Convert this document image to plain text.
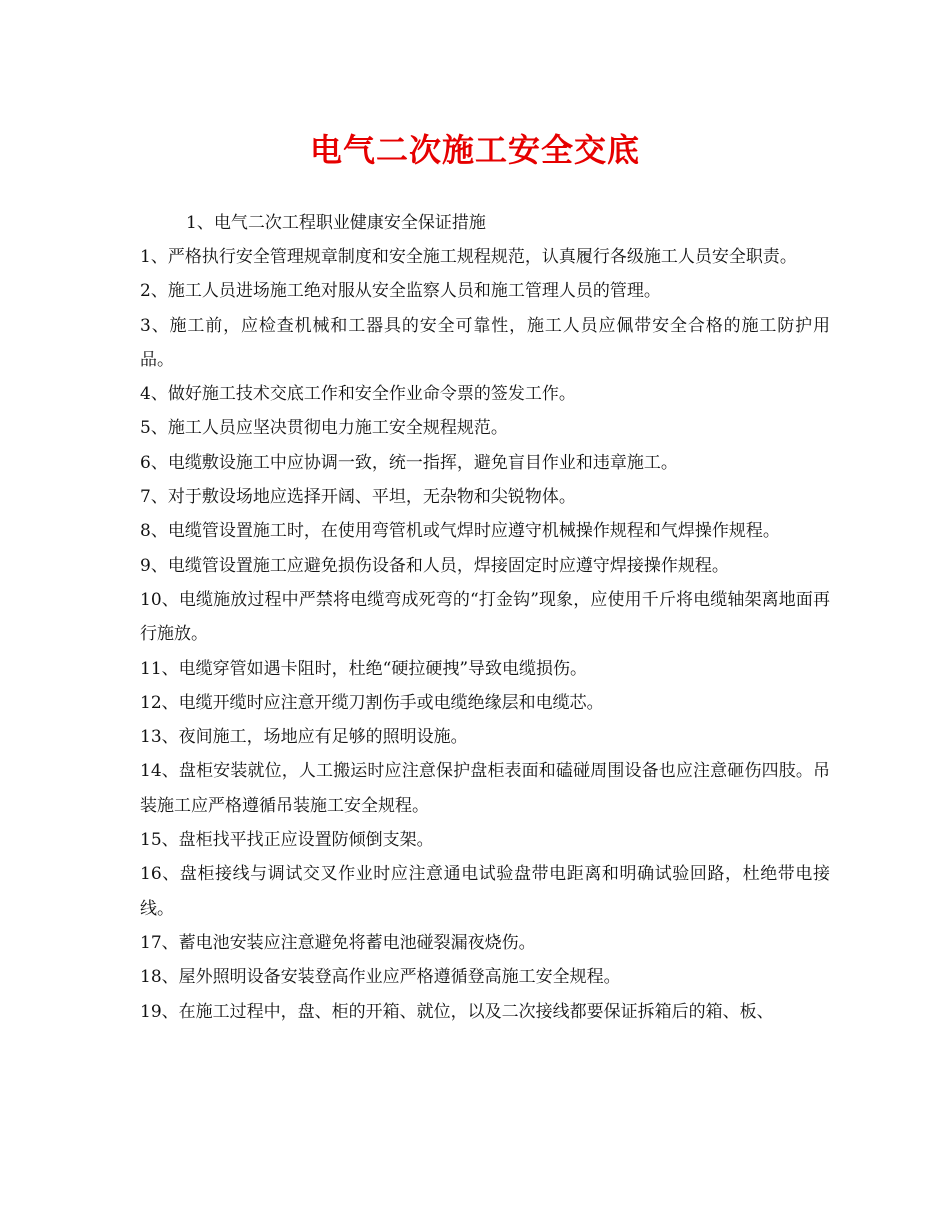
电气二次施工安全交底

1、电气二次工程职业健康安全保证措施

1、严格执行安全管理规章制度和安全施工规程规范，认真履行各级施工人员安全职责。

2、施工人员进场施工绝对服从安全监察人员和施工管理人员的管理。

3、施工前，应检查机械和工器具的安全可靠性，施工人员应佩带安全合格的施工防护用品。

4、做好施工技术交底工作和安全作业命令票的签发工作。

5、施工人员应坚决贯彻电力施工安全规程规范。

6、电缆敷设施工中应协调一致，统一指挥，避免盲目作业和违章施工。

7、对于敷设场地应选择开阔、平坦，无杂物和尖锐物体。

8、电缆管设置施工时，在使用弯管机或气焊时应遵守机械操作规程和气焊操作规程。

9、电缆管设置施工应避免损伤设备和人员，焊接固定时应遵守焊接操作规程。

10、电缆施放过程中严禁将电缆弯成死弯的“打金钩”现象，应使用千斤将电缆轴架离地面再行施放。

11、电缆穿管如遇卡阻时，杜绝“硬拉硬拽”导致电缆损伤。

12、电缆开缆时应注意开缆刀割伤手或电缆绝缘层和电缆芯。

13、夜间施工，场地应有足够的照明设施。

14、盘柜安装就位，人工搬运时应注意保护盘柜表面和磕碰周围设备也应注意砸伤四肢。吊装施工应严格遵循吊装施工安全规程。

15、盘柜找平找正应设置防倾倒支架。

16、盘柜接线与调试交叉作业时应注意通电试验盘带电距离和明确试验回路，杜绝带电接线。

17、蓄电池安装应注意避免将蓄电池碰裂漏夜烧伤。

18、屋外照明设备安装登高作业应严格遵循登高施工安全规程。

19、在施工过程中，盘、柜的开箱、就位，以及二次接线都要保证拆箱后的箱、板、
